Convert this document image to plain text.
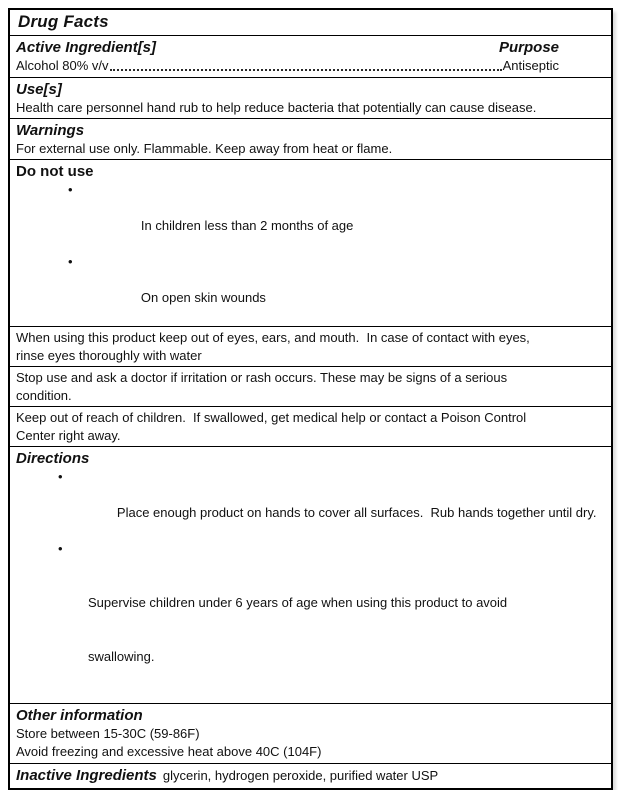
Drug Facts
Active Ingredient[s]	Purpose
Alcohol 80% v/v	Antiseptic
Use[s]
Health care personnel hand rub to help reduce bacteria that potentially can cause disease.
Warnings
For external use only. Flammable. Keep away from heat or flame.
Do not use

•

In children less than 2 months of age

•

On open skin wounds

When using this product keep out of eyes, ears, and mouth.  In case of contact with eyes,
rinse eyes thoroughly with water
Stop use and ask a doctor if irritation or rash occurs. These may be signs of a serious
condition.
Keep out of reach of children.  If swallowed, get medical help or contact a Poison Control
Center right away.
Directions

•

Place enough product on hands to cover all surfaces.  Rub hands together until dry.

•

Supervise children under 6 years of age when using this product to avoid

swallowing.

Other information
Store between 15-30C (59-86F)
Avoid freezing and excessive heat above 40C (104F)
Inactive Ingredients glycerin, hydrogen peroxide, purified water USP
